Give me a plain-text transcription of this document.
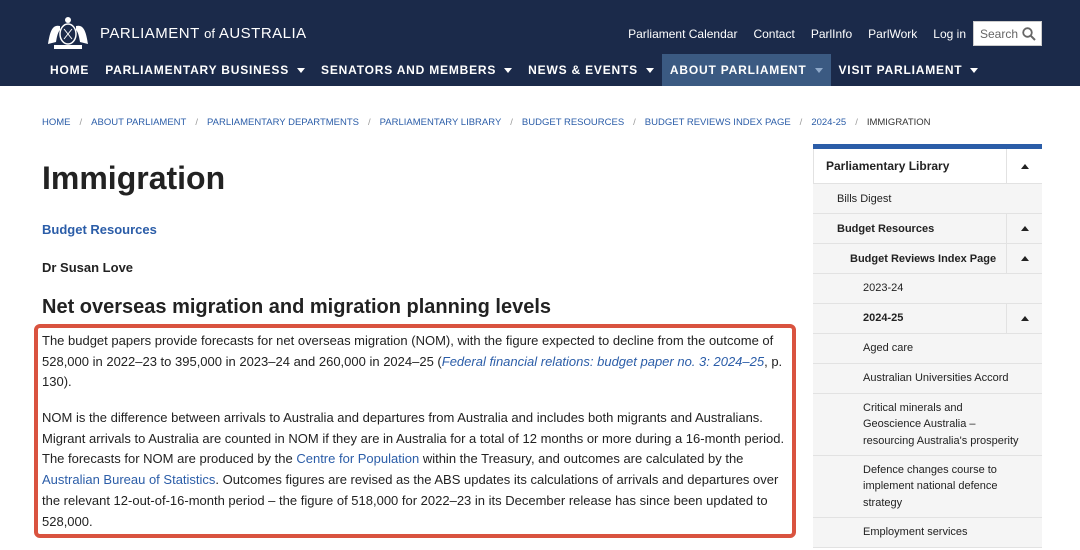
PARLIAMENT of AUSTRALIA	Parliament Calendar Contact ParlInfo ParlWork Log in Search
HOME PARLIAMENTARY BUSINESS	SENATORS AND MEMBERS	NEWS & EVENTS	ABOUT PARLIAMENT	VISIT PARLIAMENT
HOME / ABOUT PARLIAMENT / PARLIAMENTARY DEPARTMENTS / PARLIAMENTARY LIBRARY / BUDGET RESOURCES / BUDGET REVIEWS INDEX PAGE / 2024-25 / IMMIGRATION
Immigration
Budget Resources
Dr Susan Love
Net overseas migration and migration planning levels

The budget papers provide forecasts for net overseas migration (NOM), with the figure expected to decline from the outcome of 528,000 in 2022–23 to 395,000 in 2023–24 and 260,000 in 2024–25 (Federal financial relations: budget paper no. 3: 2024–25, p. 130).

NOM is the difference between arrivals to Australia and departures from Australia and includes both migrants and Australians. Migrant arrivals to Australia are counted in NOM if they are in Australia for a total of 12 months or more during a 16-month period. The forecasts for NOM are produced by the Centre for Population within the Treasury, and outcomes are calculated by the Australian Bureau of Statistics. Outcomes figures are revised as the ABS updates its calculations of arrivals and departures over the relevant 12-out-of-16-month period – the figure of 518,000 for 2022–23 in its December release has since been updated to 528,000.

Parliamentary Library
Bills Digest
Budget Resources
Budget Reviews Index Page
2023-24
2024-25
Aged care
Australian Universities Accord
Critical minerals and Geoscience Australia – resourcing Australia's prosperity
Defence changes course to implement national defence strategy
Employment services
